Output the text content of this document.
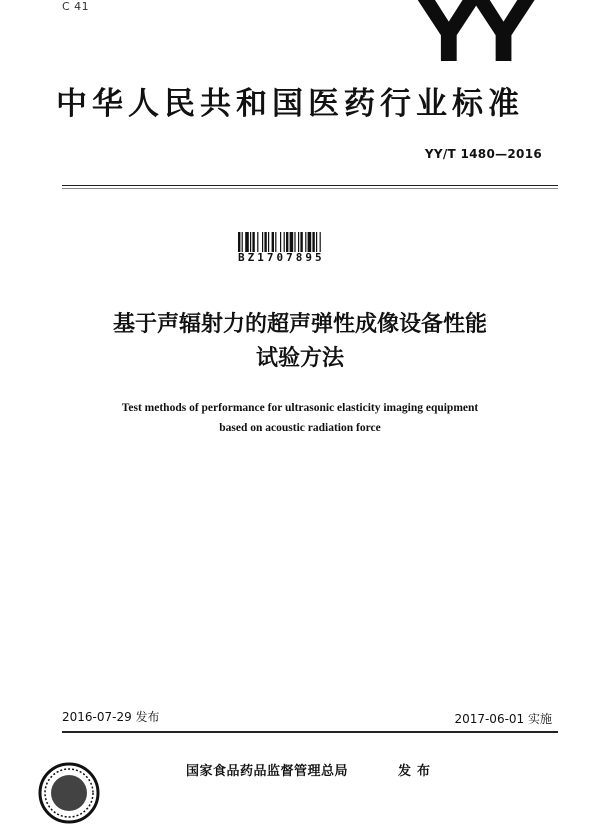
C 41	YY
中华人民共和国医药行业标准
YY/T 1480—2016
BZ1707895
基于声辐射力的超声弹性成像设备性能
试验方法
Test methods of performance for ultrasonic elasticity imaging equipment
based on acoustic radiation force
2016-07-29 发布	2017-06-01 实施
国家食品药品监督管理总局	发布
